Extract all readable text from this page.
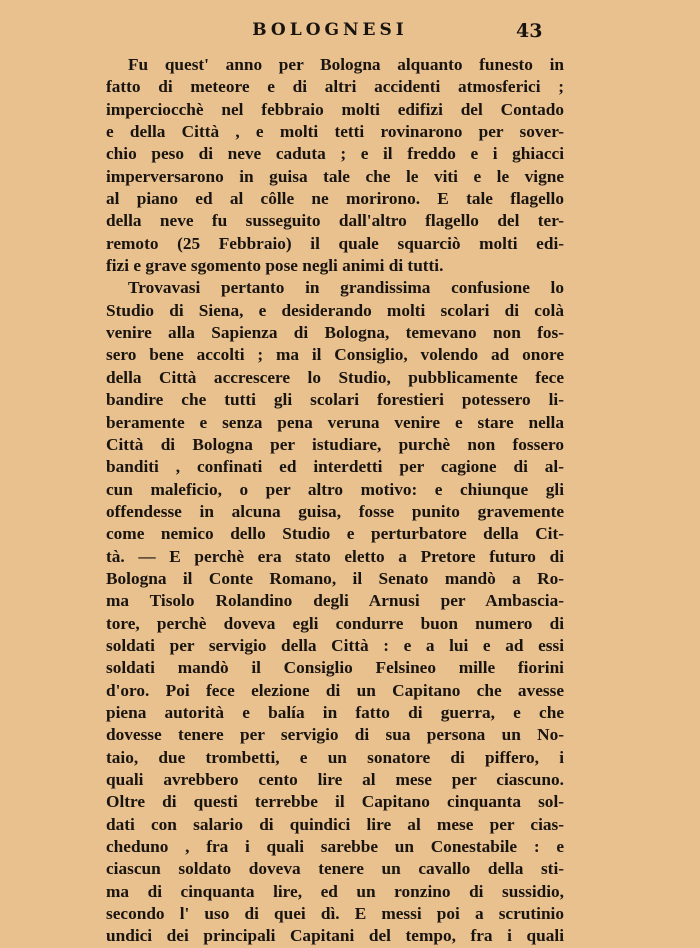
BOLOGNESI	43
Fu quest' anno per Bologna alquanto funesto in
fatto di meteore e di altri accidenti atmosferici ;
imperciocchè nel febbraio molti edifizi del Contado
e della Città , e molti tetti rovinarono per sover-
chio peso di neve caduta ; e il freddo e i ghiacci
imperversarono in guisa tale che le viti e le vigne
al piano ed al côlle ne morirono. E tale flagello
della neve fu susseguito dall'altro flagello del ter-
remoto (25 Febbraio) il quale squarciò molti edi-
fizi e grave sgomento pose negli animi di tutti.
Trovavasi pertanto in grandissima confusione lo
Studio di Siena, e desiderando molti scolari di colà
venire alla Sapienza di Bologna, temevano non fos-
sero bene accolti ; ma il Consiglio, volendo ad onore
della Città accrescere lo Studio, pubblicamente fece
bandire che tutti gli scolari forestieri potessero li-
beramente e senza pena veruna venire e stare nella
Città di Bologna per istudiare, purchè non fossero
banditi , confinati ed interdetti per cagione di al-
cun maleficio, o per altro motivo: e chiunque gli
offendesse in alcuna guisa, fosse punito gravemente
come nemico dello Studio e perturbatore della Cit-
tà. — E perchè era stato eletto a Pretore futuro di
Bologna il Conte Romano, il Senato mandò a Ro-
ma Tisolo Rolandino degli Arnusi per Ambascia-
tore, perchè doveva egli condurre buon numero di
soldati per servigio della Città : e a lui e ad essi
soldati mandò il Consiglio Felsineo mille fiorini
d'oro. Poi fece elezione di un Capitano che avesse
piena autorità e balía in fatto di guerra, e che
dovesse tenere per servigio di sua persona un No-
taio, due trombetti, e un sonatore di piffero, i
quali avrebbero cento lire al mese per ciascuno.
Oltre di questi terrebbe il Capitano cinquanta sol-
dati con salario di quindici lire al mese per cias-
cheduno , fra i quali sarebbe un Conestabile : e
ciascun soldato doveva tenere un cavallo della sti-
ma di cinquanta lire, ed un ronzino di sussidio,
secondo l' uso di quei dì. E messi poi a scrutinio
undici dei principali Capitani del tempo, fra i quali
